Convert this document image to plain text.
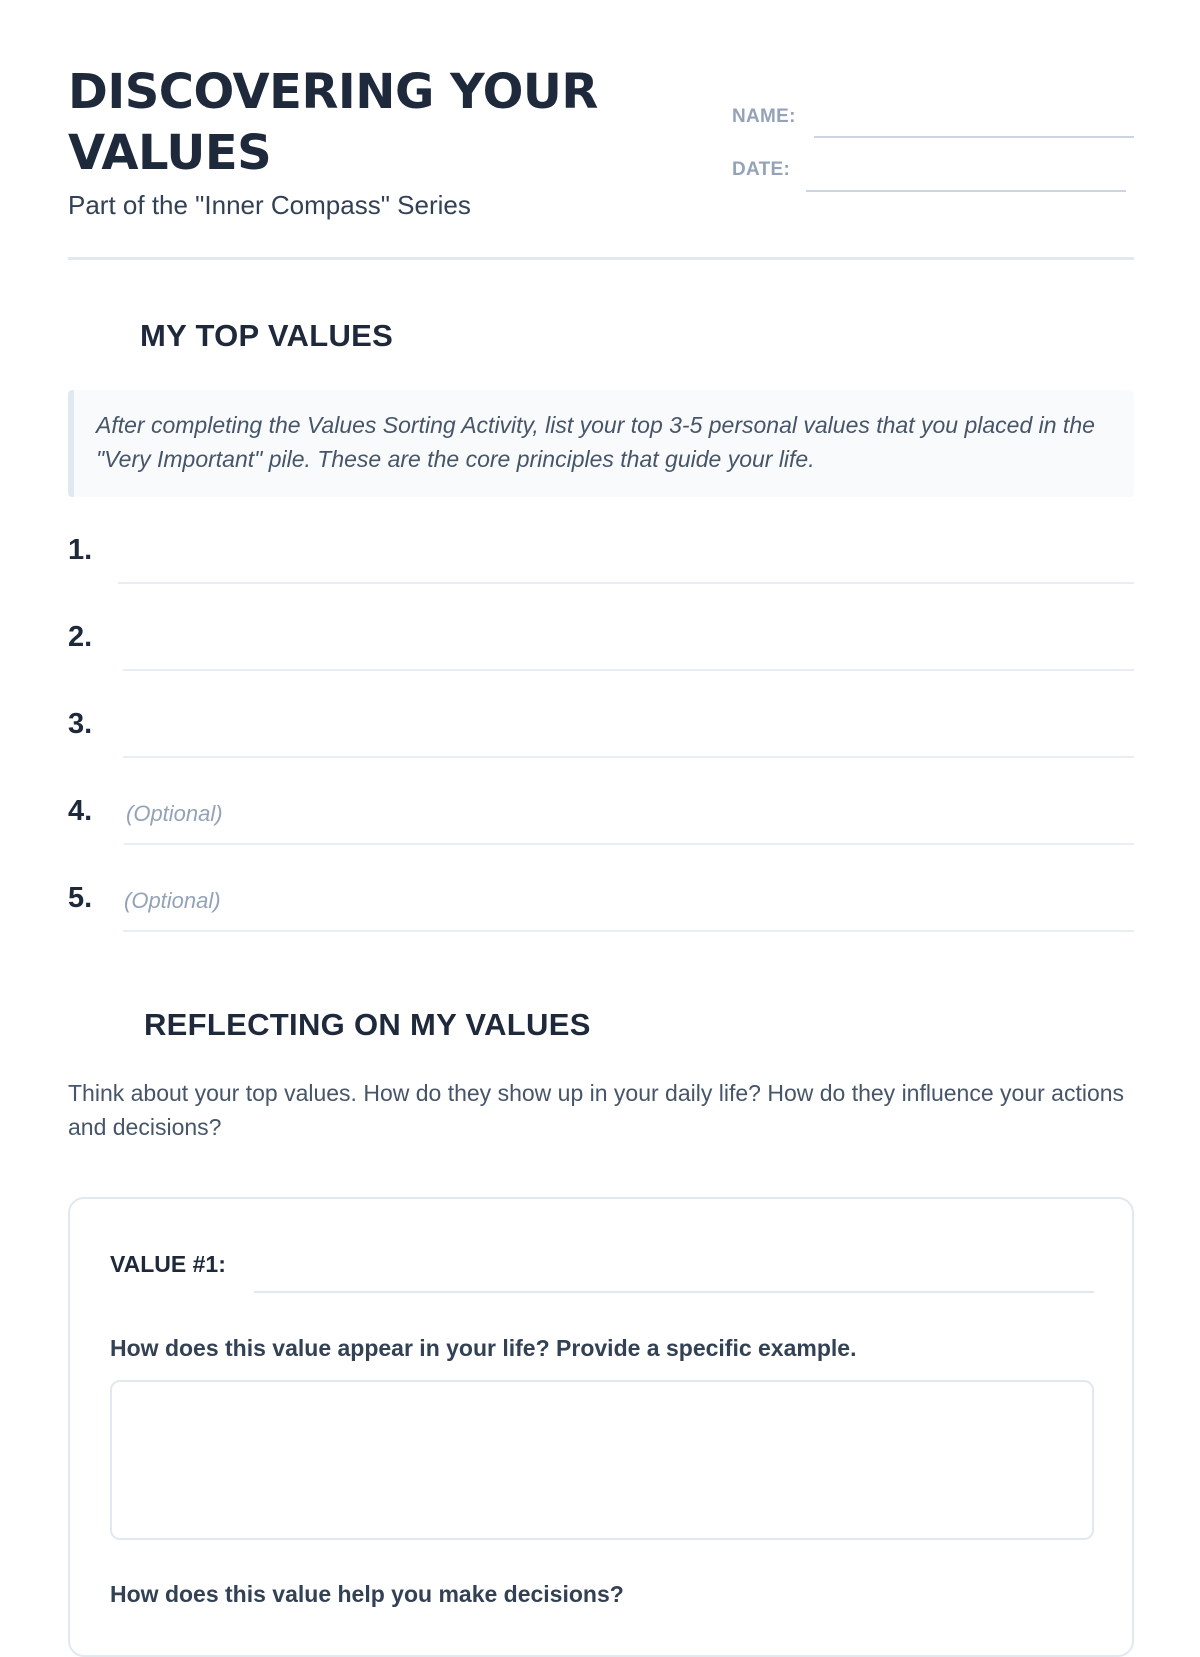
DISCOVERING YOUR VALUES
Part of the "Inner Compass" Series
NAME:
DATE:
MY TOP VALUES
After completing the Values Sorting Activity, list your top 3-5 personal values that you placed in the "Very Important" pile. These are the core principles that guide your life.
1.
2.
3.
4. (Optional)
5. (Optional)
REFLECTING ON MY VALUES
Think about your top values. How do they show up in your daily life? How do they influence your actions and decisions?
VALUE #1:
How does this value appear in your life? Provide a specific example.
How does this value help you make decisions?
